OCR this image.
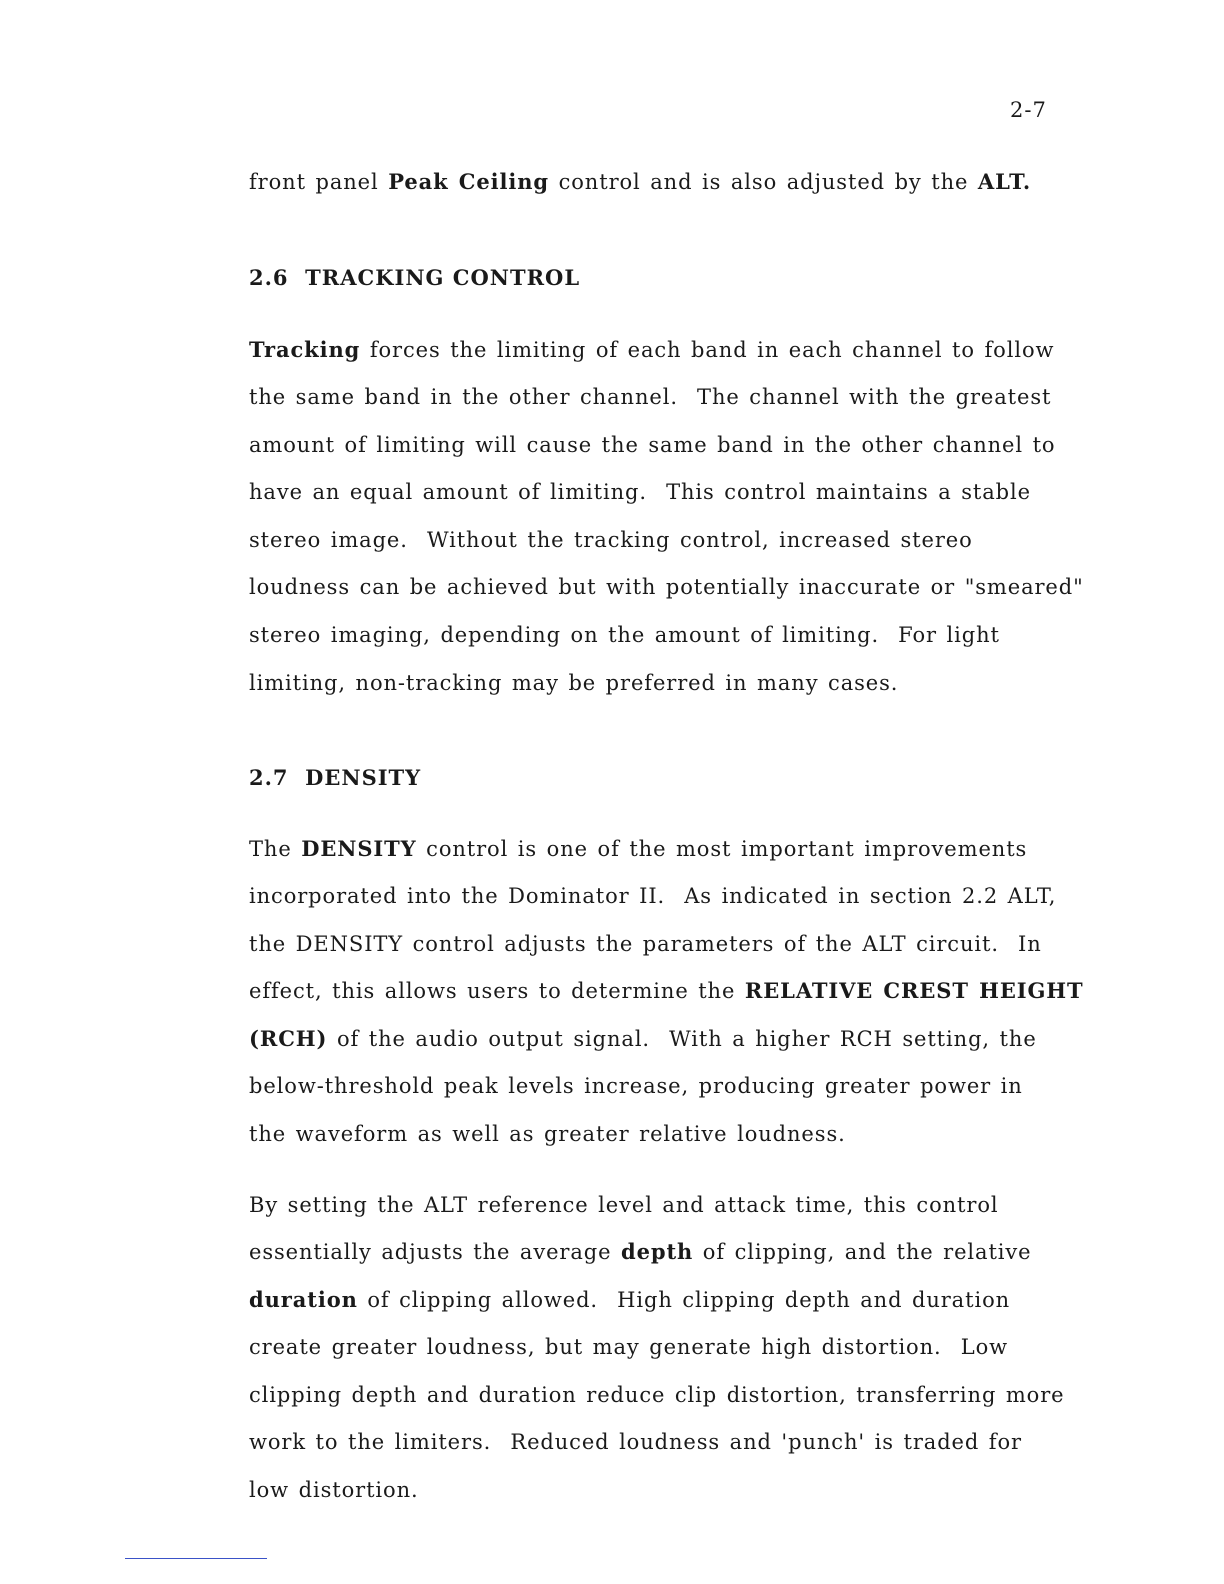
2-7
front panel Peak Ceiling control and is also adjusted by the ALT.
2.6  TRACKING CONTROL
Tracking forces the limiting of each band in each channel to follow
the same band in the other channel.  The channel with the greatest
amount of limiting will cause the same band in the other channel to
have an equal amount of limiting.  This control maintains a stable
stereo image.  Without the tracking control, increased stereo
loudness can be achieved but with potentially inaccurate or "smeared"
stereo imaging, depending on the amount of limiting.  For light
limiting, non-tracking may be preferred in many cases.
2.7  DENSITY
The DENSITY control is one of the most important improvements
incorporated into the Dominator II.  As indicated in section 2.2 ALT,
the DENSITY control adjusts the parameters of the ALT circuit.  In
effect, this allows users to determine the RELATIVE CREST HEIGHT
(RCH) of the audio output signal.  With a higher RCH setting, the
below-threshold peak levels increase, producing greater power in
the waveform as well as greater relative loudness.
By setting the ALT reference level and attack time, this control
essentially adjusts the average depth of clipping, and the relative
duration of clipping allowed.  High clipping depth and duration
create greater loudness, but may generate high distortion.  Low
clipping depth and duration reduce clip distortion, transferring more
work to the limiters.  Reduced loudness and 'punch' is traded for
low distortion.
